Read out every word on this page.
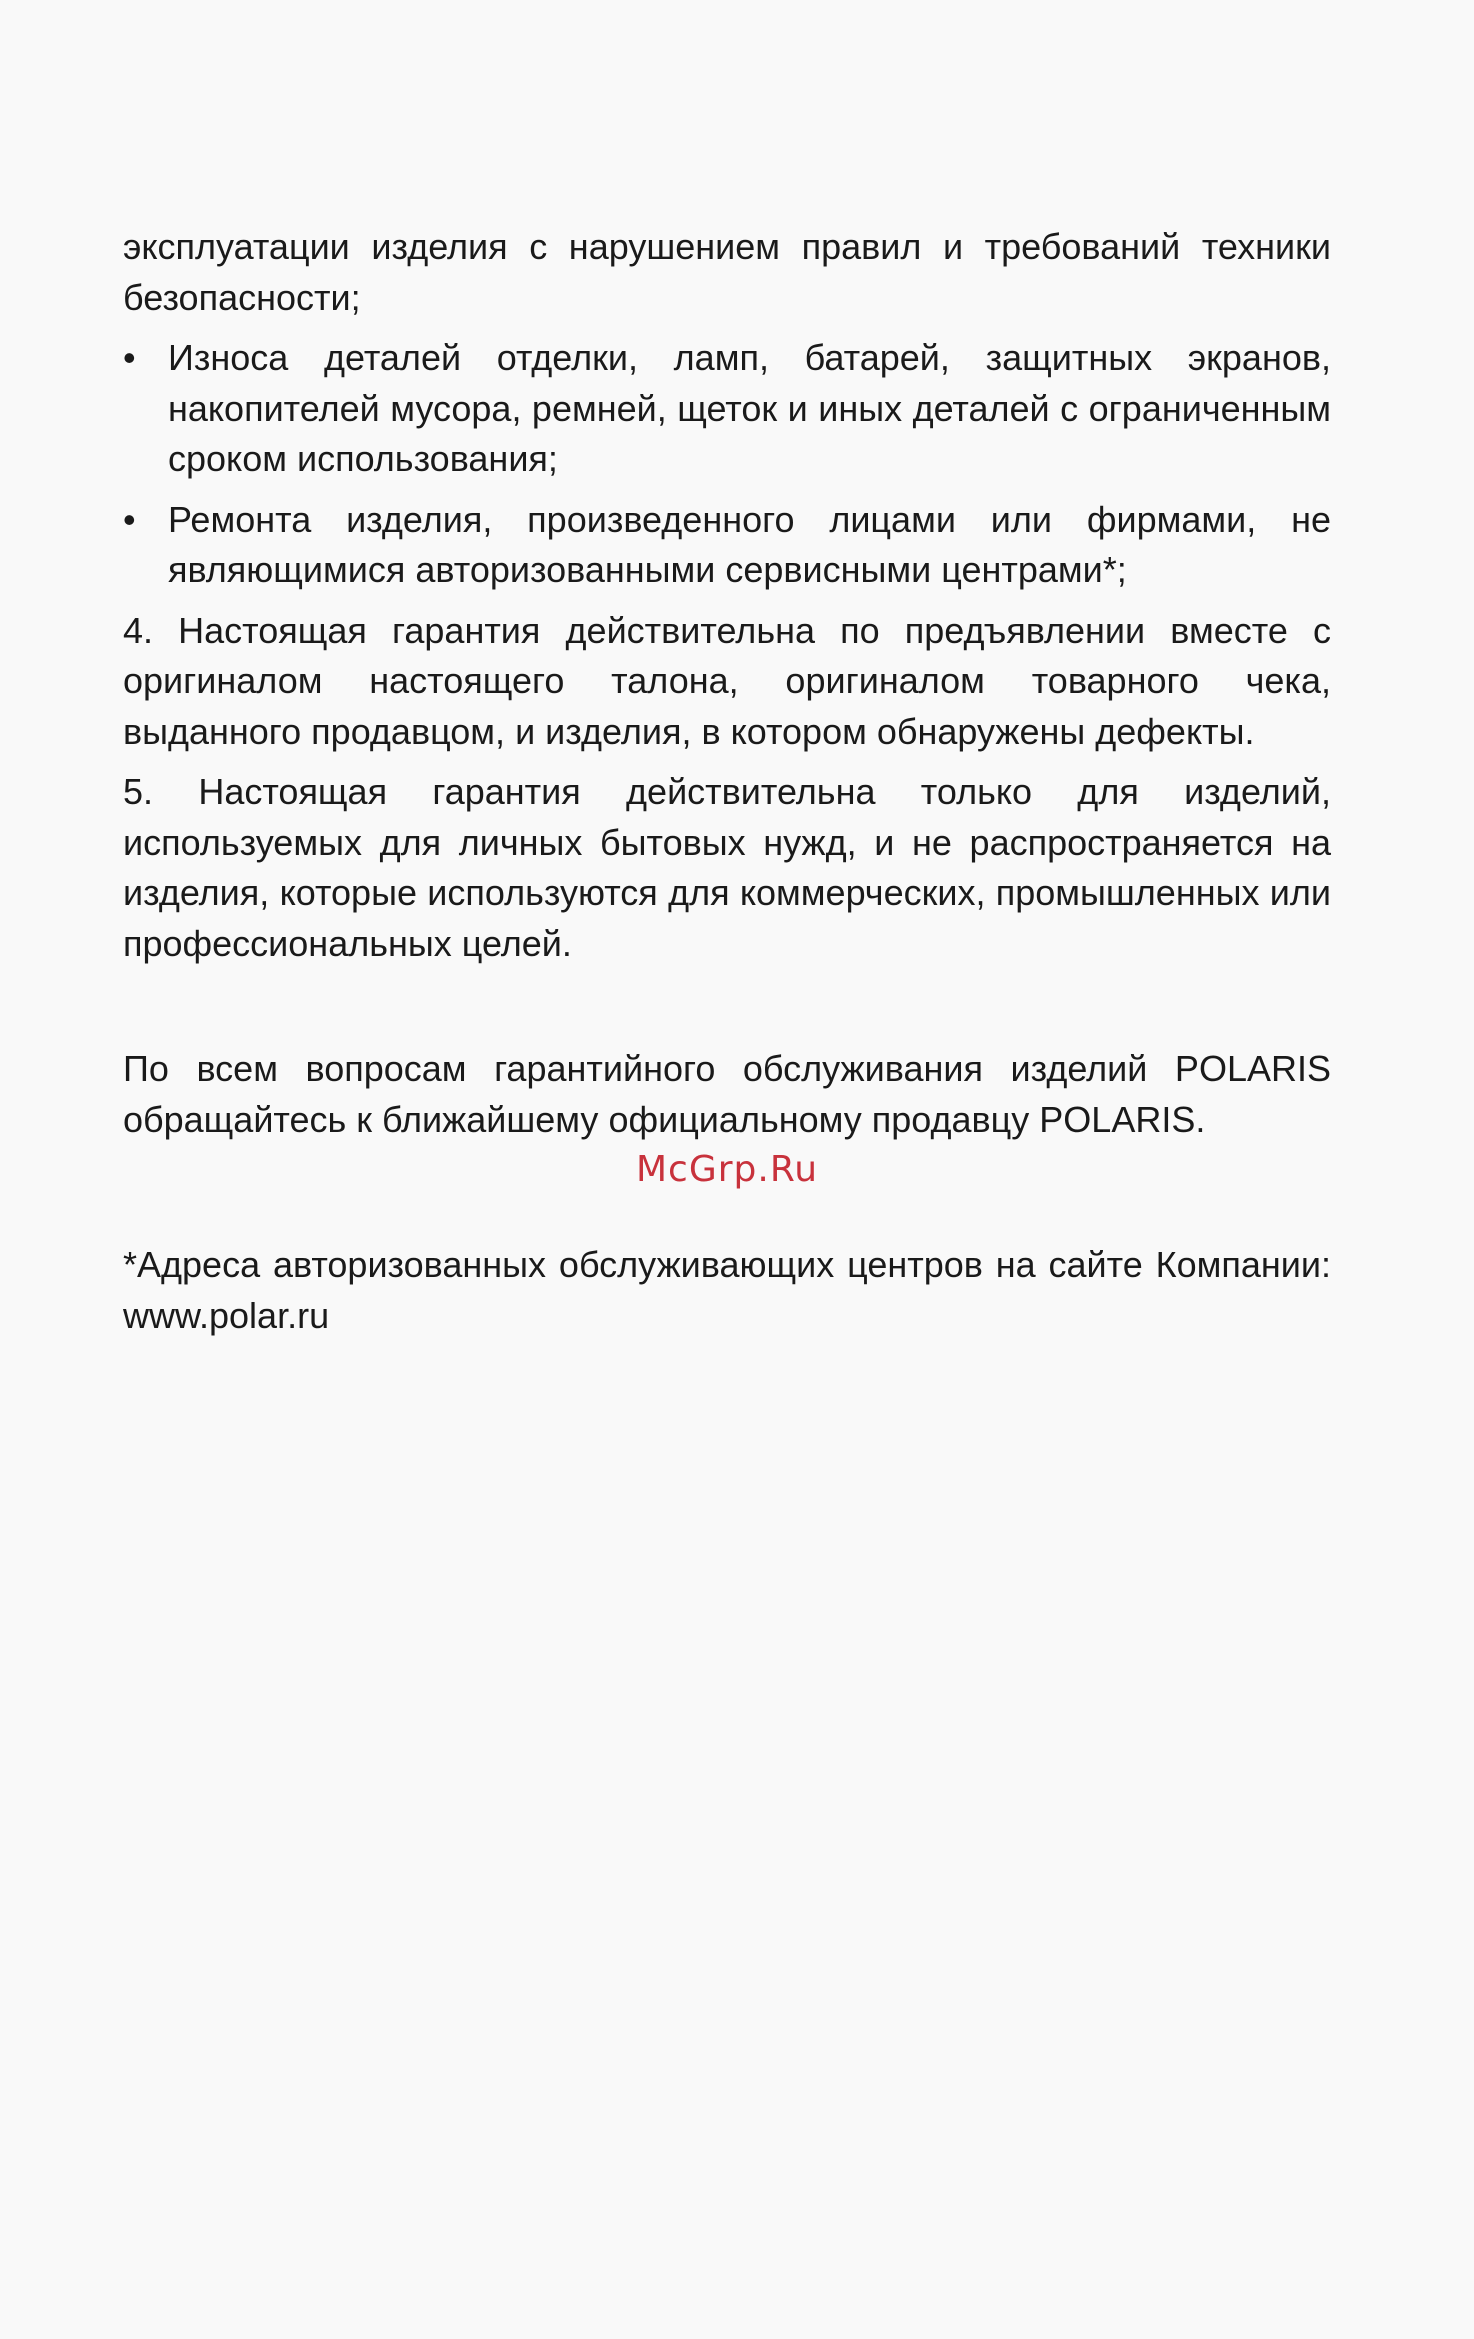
эксплуатации изделия с нарушением правил и требований техники безопасности;

• Износа деталей отделки, ламп, батарей, защитных экранов, накопителей мусора, ремней, щеток и иных деталей с ограниченным сроком использования;
• Ремонта изделия, произведенного лицами или фирмами, не являющимися авторизованными сервисными центрами*;

4. Настоящая гарантия действительна по предъявлении вместе с оригиналом настоящего талона, оригиналом товарного чека, выданного продавцом, и изделия, в котором обнаружены дефекты.

5. Настоящая гарантия действительна только для изделий, используемых для личных бытовых нужд, и не распространяется на изделия, которые используются для коммерческих, промышленных или профессиональных целей.

По всем вопросам гарантийного обслуживания изделий POLARIS обращайтесь к ближайшему официальному продавцу POLARIS.

McGrp.Ru

*Адреса авторизованных обслуживающих центров на сайте Компании: www.polar.ru
